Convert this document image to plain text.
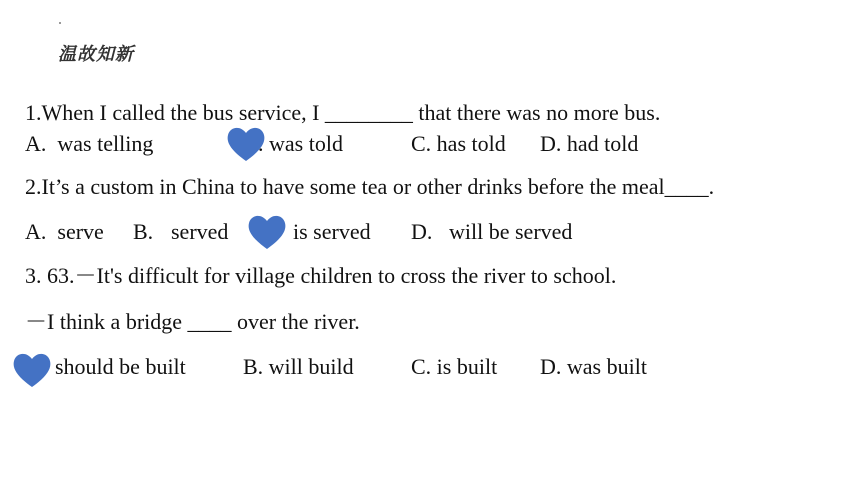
温故知新
1.When I called the bus service, I ________ that there was no more bus.
A.  was telling	. was told	C. has told D. had told
2.It’s a custom in China to have some tea or other drinks before the meal____.
A.  serve B. served	is served D. will be served
3. 63.－It's difficult for village children to cross the river to school.
－I think a bridge ____ over the river.
should be built	B. will build	C. is built D. was built
